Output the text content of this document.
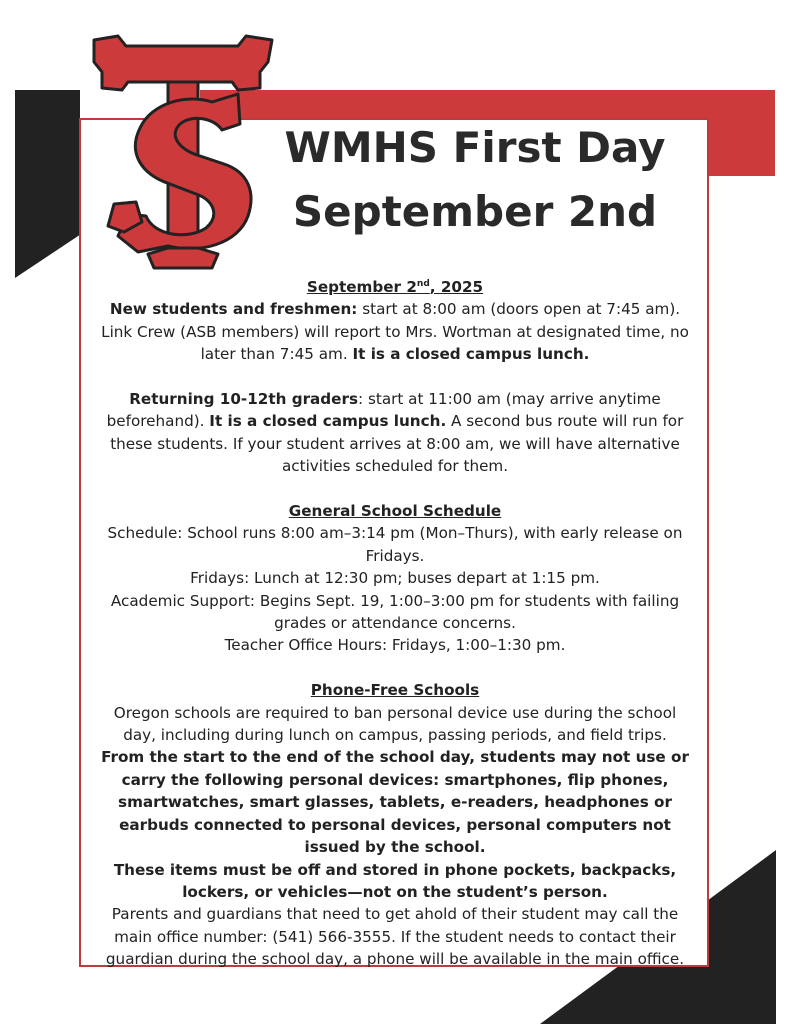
WMHS First Day
September 2nd

September 2nd, 2025

New students and freshmen: start at 8:00 am (doors open at 7:45 am). Link Crew (ASB members) will report to Mrs. Wortman at designated time, no later than 7:45 am. It is a closed campus lunch.

Returning 10-12th graders: start at 11:00 am (may arrive anytime beforehand). It is a closed campus lunch. A second bus route will run for these students. If your student arrives at 8:00 am, we will have alternative activities scheduled for them.

General School Schedule

Schedule: School runs 8:00 am–3:14 pm (Mon–Thurs), with early release on Fridays.

Fridays: Lunch at 12:30 pm; buses depart at 1:15 pm.

Academic Support: Begins Sept. 19, 1:00–3:00 pm for students with failing grades or attendance concerns.

Teacher Office Hours: Fridays, 1:00–1:30 pm.

Phone-Free Schools

Oregon schools are required to ban personal device use during the school day, including during lunch on campus, passing periods, and field trips.

From the start to the end of the school day, students may not use or carry the following personal devices: smartphones, flip phones, smartwatches, smart glasses, tablets, e-readers, headphones or earbuds connected to personal devices, personal computers not issued by the school.

These items must be off and stored in phone pockets, backpacks, lockers, or vehicles—not on the student’s person.

Parents and guardians that need to get ahold of their student may call the main office number: (541) 566-3555. If the student needs to contact their guardian during the school day, a phone will be available in the main office.
